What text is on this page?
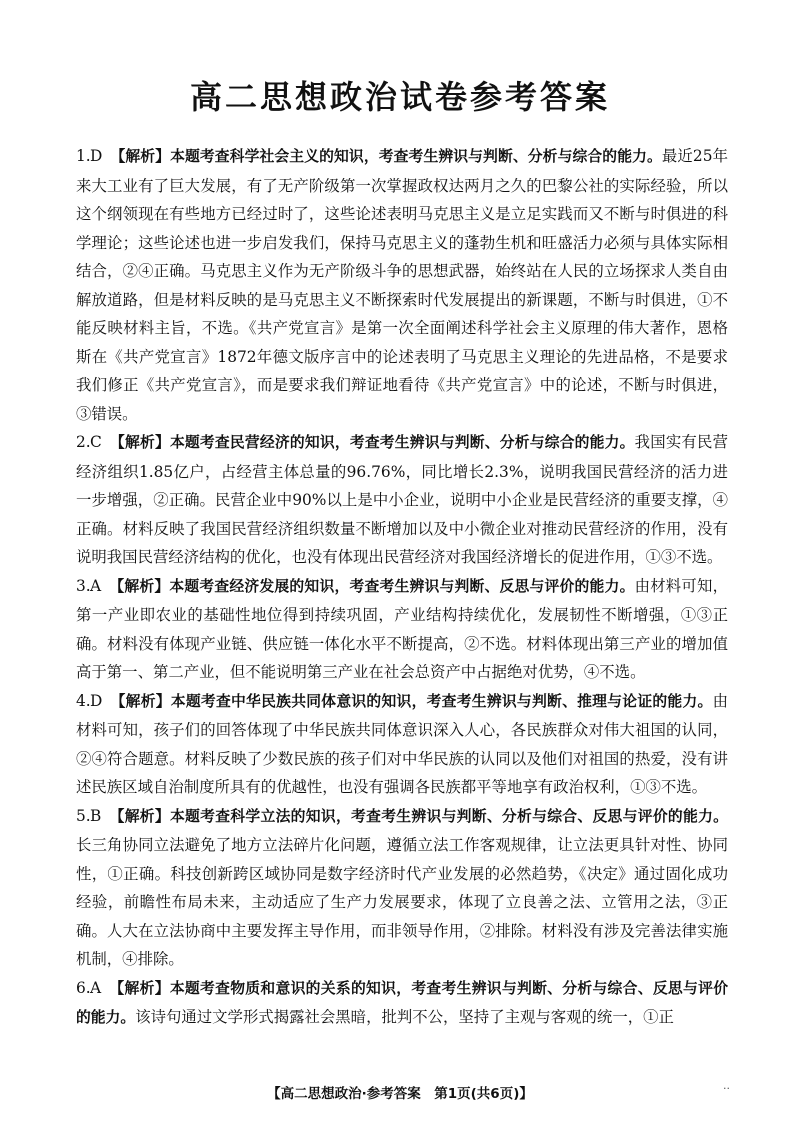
高二思想政治试卷参考答案
1.D 【解析】本题考查科学社会主义的知识，考查考生辨识与判断、分析与综合的能力。最近25年来大工业有了巨大发展，有了无产阶级第一次掌握政权达两月之久的巴黎公社的实际经验，所以这个纲领现在有些地方已经过时了，这些论述表明马克思主义是立足实践而又不断与时俱进的科学理论；这些论述也进一步启发我们，保持马克思主义的蓬勃生机和旺盛活力必须与具体实际相结合，②④正确。马克思主义作为无产阶级斗争的思想武器，始终站在人民的立场探求人类自由解放道路，但是材料反映的是马克思主义不断探索时代发展提出的新课题，不断与时俱进，①不能反映材料主旨，不选。《共产党宣言》是第一次全面阐述科学社会主义原理的伟大著作，恩格斯在《共产党宣言》1872年德文版序言中的论述表明了马克思主义理论的先进品格，不是要求我们修正《共产党宣言》，而是要求我们辩证地看待《共产党宣言》中的论述，不断与时俱进，③错误。
2.C 【解析】本题考查民营经济的知识，考查考生辨识与判断、分析与综合的能力。我国实有民营经济组织1.85亿户，占经营主体总量的96.76%，同比增长2.3%，说明我国民营经济的活力进一步增强，②正确。民营企业中90%以上是中小企业，说明中小企业是民营经济的重要支撑，④正确。材料反映了我国民营经济组织数量不断增加以及中小微企业对推动民营经济的作用，没有说明我国民营经济结构的优化，也没有体现出民营经济对我国经济增长的促进作用，①③不选。
3.A 【解析】本题考查经济发展的知识，考查考生辨识与判断、反思与评价的能力。由材料可知，第一产业即农业的基础性地位得到持续巩固，产业结构持续优化，发展韧性不断增强，①③正确。材料没有体现产业链、供应链一体化水平不断提高，②不选。材料体现出第三产业的增加值高于第一、第二产业，但不能说明第三产业在社会总资产中占据绝对优势，④不选。
4.D 【解析】本题考查中华民族共同体意识的知识，考查考生辨识与判断、推理与论证的能力。由材料可知，孩子们的回答体现了中华民族共同体意识深入人心，各民族群众对伟大祖国的认同，②④符合题意。材料反映了少数民族的孩子们对中华民族的认同以及他们对祖国的热爱，没有讲述民族区域自治制度所具有的优越性，也没有强调各民族都平等地享有政治权利，①③不选。
5.B 【解析】本题考查科学立法的知识，考查考生辨识与判断、分析与综合、反思与评价的能力。长三角协同立法避免了地方立法碎片化问题，遵循立法工作客观规律，让立法更具针对性、协同性，①正确。科技创新跨区域协同是数字经济时代产业发展的必然趋势，《决定》通过固化成功经验，前瞻性布局未来，主动适应了生产力发展要求，体现了立良善之法、立管用之法，③正确。人大在立法协商中主要发挥主导作用，而非领导作用，②排除。材料没有涉及完善法律实施机制，④排除。
6.A 【解析】本题考查物质和意识的关系的知识，考查考生辨识与判断、分析与综合、反思与评价的能力。该诗句通过文学形式揭露社会黑暗，批判不公，坚持了主观与客观的统一，①正
【高二思想政治·参考答案　第1页(共6页)】	··
